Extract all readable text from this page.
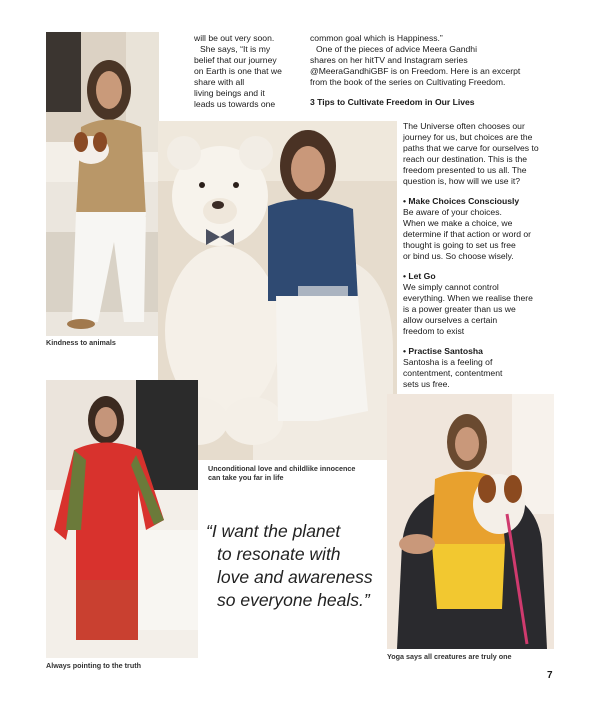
will be out very soon.

She says, “It is my

belief that our journey

on Earth is one that we

share with all

living beings and it

leads us towards one

common goal which is Happiness.”

One of the pieces of advice Meera Gandhi

shares on her hitTV and Instagram series

@MeeraGandhiGBF is on Freedom. Here is an excerpt

from the book of the series on Cultivating Freedom.

3 Tips to Cultivate Freedom in Our Lives

The Universe often chooses our

journey for us, but choices are the

paths that we carve for ourselves to

reach our destination. This is the

freedom presented to us all. The

question is, how will we use it?

• Make Choices Consciously

Be aware of your choices.

When we make a choice, we

determine if that action or word or

thought is going to set us free

or bind us. So choose wisely.

• Let Go

We simply cannot control

everything. When we realise there

is a power greater than us we

allow ourselves a certain

freedom to exist

• Practise Santosha

Santosha is a feeling of

contentment, contentment

sets us free.

Kindness to animals
Unconditional love and childlike innocence
can take you far in life
“I want the planet
to resonate with
love and awareness
so everyone heals.”
Always pointing to the truth
Yoga says all creatures are truly one
7
